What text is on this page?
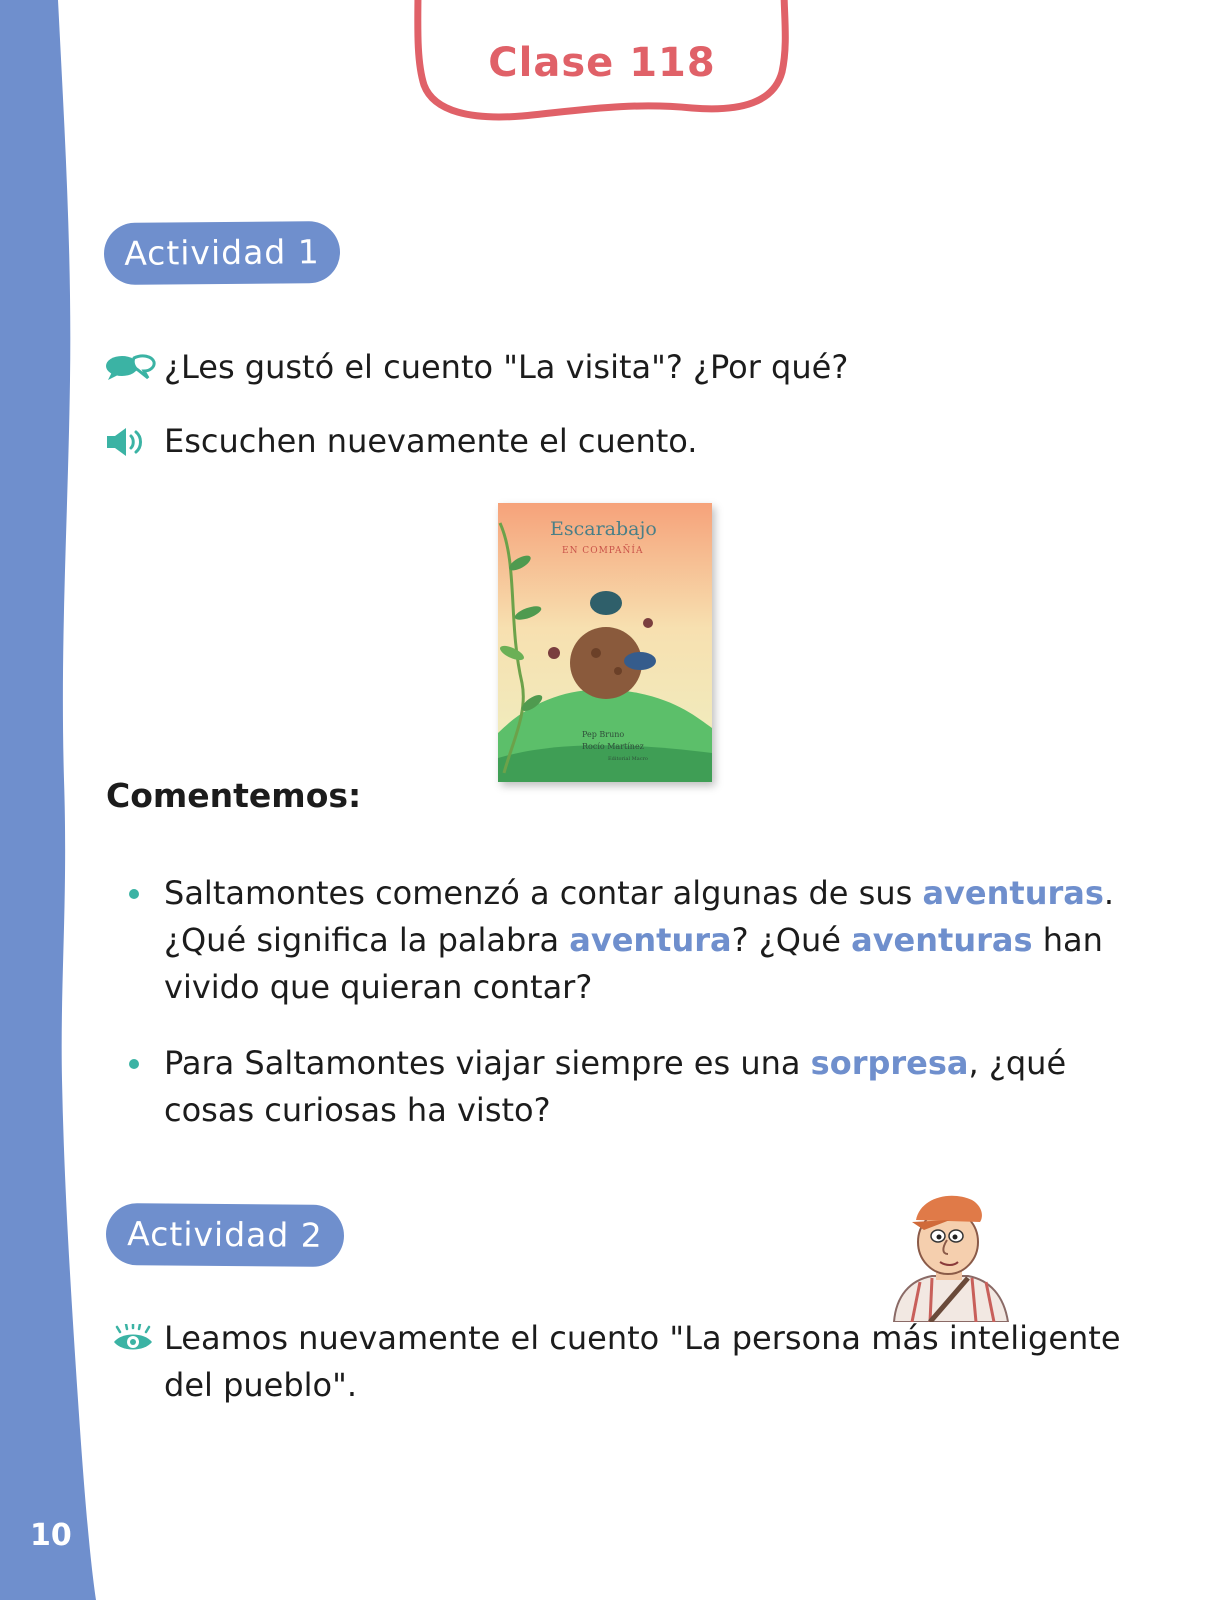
10
Clase 118
Actividad 1
¿Les gustó el cuento "La visita"? ¿Por qué?
Escuchen nuevamente el cuento.
Escarabajo
EN COMPAÑÍA
Pep Bruno
Rocío Martínez
Editorial Macro
Comentemos:
Saltamontes comenzó a contar algunas de sus aventuras.
¿Qué significa la palabra aventura? ¿Qué aventuras han
vivido que quieran contar?
Para Saltamontes viajar siempre es una sorpresa, ¿qué
cosas curiosas ha visto?
Actividad 2
Leamos nuevamente el cuento "La persona más inteligente
del pueblo".
